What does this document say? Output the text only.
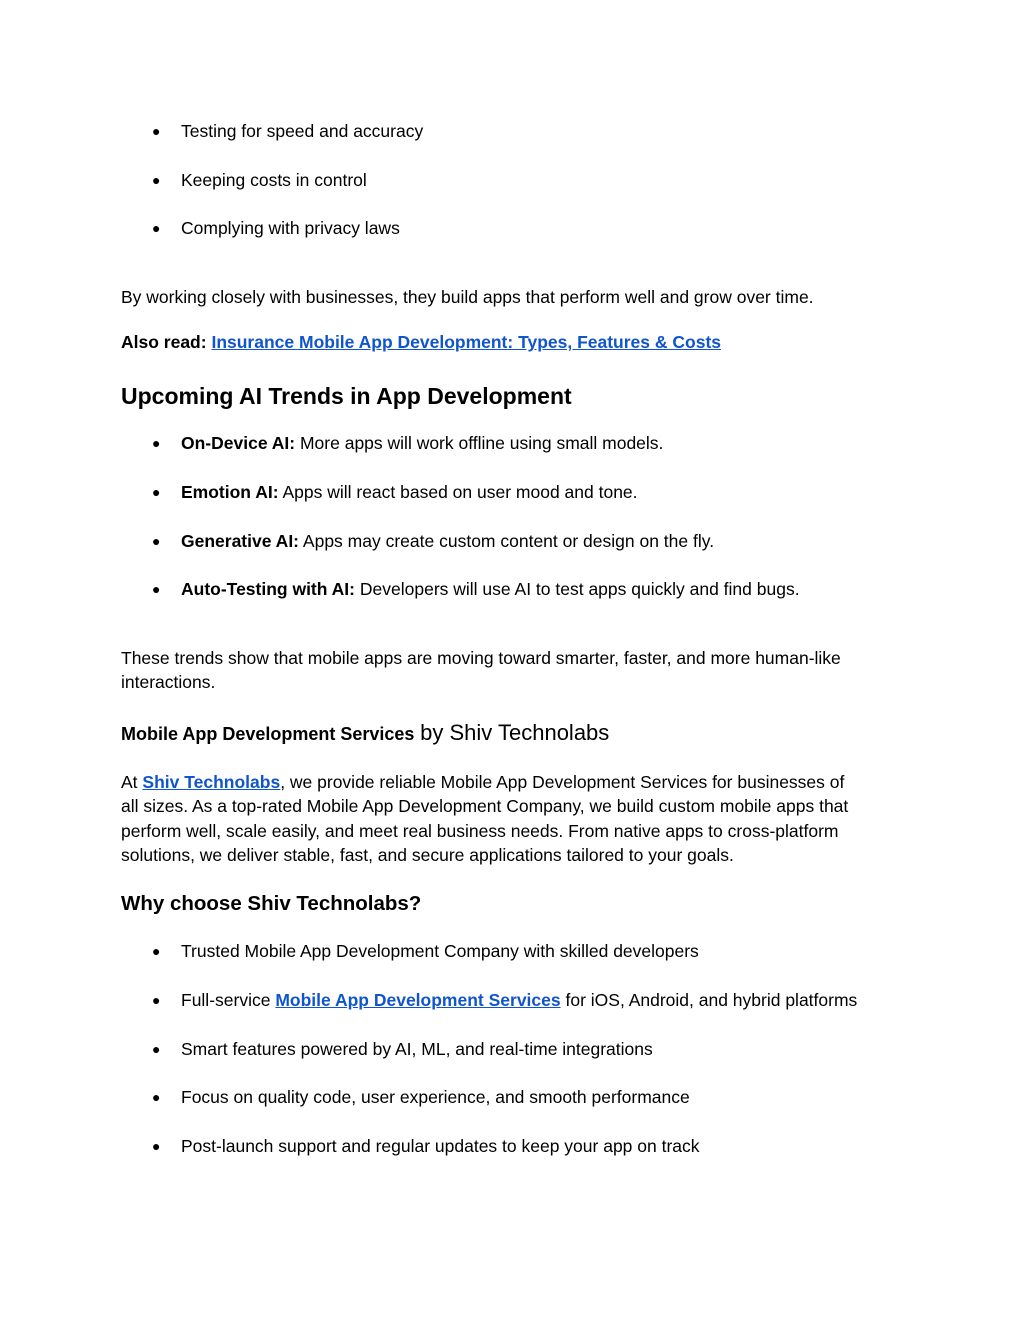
● Testing for speed and accuracy
● Keeping costs in control
● Complying with privacy laws
By working closely with businesses, they build apps that perform well and grow over time.
Also read: Insurance Mobile App Development: Types, Features & Costs
Upcoming AI Trends in App Development
● On-Device AI: More apps will work offline using small models.
● Emotion AI: Apps will react based on user mood and tone.
● Generative AI: Apps may create custom content or design on the fly.
● Auto-Testing with AI: Developers will use AI to test apps quickly and find bugs.
These trends show that mobile apps are moving toward smarter, faster, and more human-like
interactions.
Mobile App Development Services by Shiv Technolabs
At Shiv Technolabs, we provide reliable Mobile App Development Services for businesses of
all sizes. As a top-rated Mobile App Development Company, we build custom mobile apps that
perform well, scale easily, and meet real business needs. From native apps to cross-platform
solutions, we deliver stable, fast, and secure applications tailored to your goals.
Why choose Shiv Technolabs?
● Trusted Mobile App Development Company with skilled developers
● Full-service Mobile App Development Services for iOS, Android, and hybrid platforms
● Smart features powered by AI, ML, and real-time integrations
● Focus on quality code, user experience, and smooth performance
● Post-launch support and regular updates to keep your app on track
